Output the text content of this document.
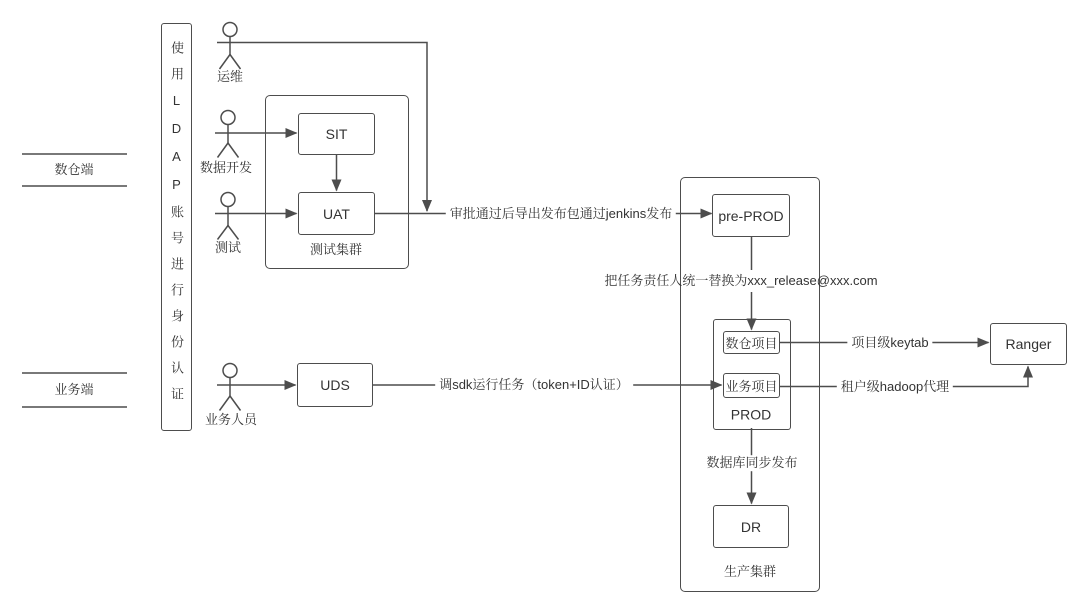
数仓端
业务端	使用LDAP账号进行身份认证	运维
数据开发
测试
业务人员
SIT
UAT
UDS
pre-PROD
数仓项目
业务项目
PROD
DR
Ranger
测试集群
生产集群
审批通过后导出发布包通过jenkins发布
把任务责任人统一替换为xxx_release@xxx.com
项目级keytab
租户级hadoop代理
调sdk运行任务（token+ID认证）
数据库同步发布
